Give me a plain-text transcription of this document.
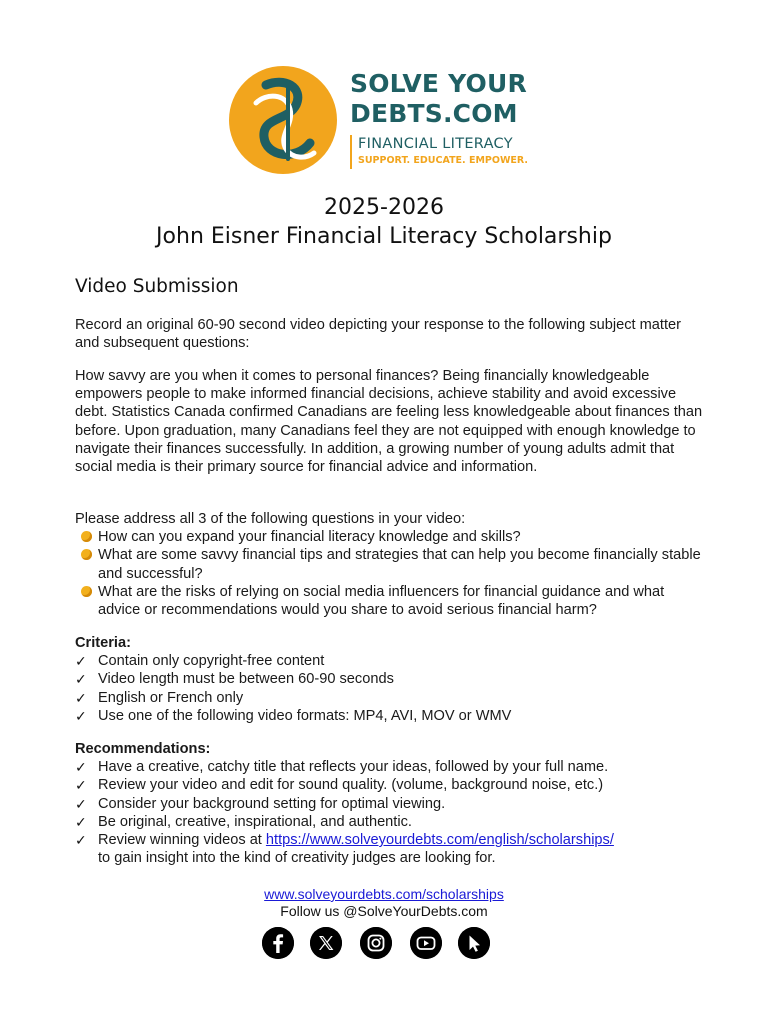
SOLVE YOUR
DEBTS.COM
FINANCIAL LITERACY
SUPPORT. EDUCATE. EMPOWER.
2025-2026
John Eisner Financial Literacy Scholarship
Video Submission
Record an original 60-90 second video depicting your response to the following subject matter and subsequent questions:
How savvy are you when it comes to personal finances? Being financially knowledgeable empowers people to make informed financial decisions, achieve stability and avoid excessive debt. Statistics Canada confirmed Canadians are feeling less knowledgeable about finances than before. Upon graduation, many Canadians feel they are not equipped with enough knowledge to navigate their finances successfully. In addition, a growing number of young adults admit that social media is their primary source for financial advice and information.
Please address all 3 of the following questions in your video:
How can you expand your financial literacy knowledge and skills?
What are some savvy financial tips and strategies that can help you become financially stable and successful?
What are the risks of relying on social media influencers for financial guidance and what advice or recommendations would you share to avoid serious financial harm?
Criteria:
✓ Contain only copyright-free content
✓ Video length must be between 60-90 seconds
✓ English or French only
✓ Use one of the following video formats: MP4, AVI, MOV or WMV
Recommendations:
✓ Have a creative, catchy title that reflects your ideas, followed by your full name.
✓ Review your video and edit for sound quality. (volume, background noise, etc.)
✓ Consider your background setting for optimal viewing.
✓ Be original, creative, inspirational, and authentic.
✓ Review winning videos at https://www.solveyourdebts.com/english/scholarships/
to gain insight into the kind of creativity judges are looking for.
www.solveyourdebts.com/scholarships
Follow us @SolveYourDebts.com
